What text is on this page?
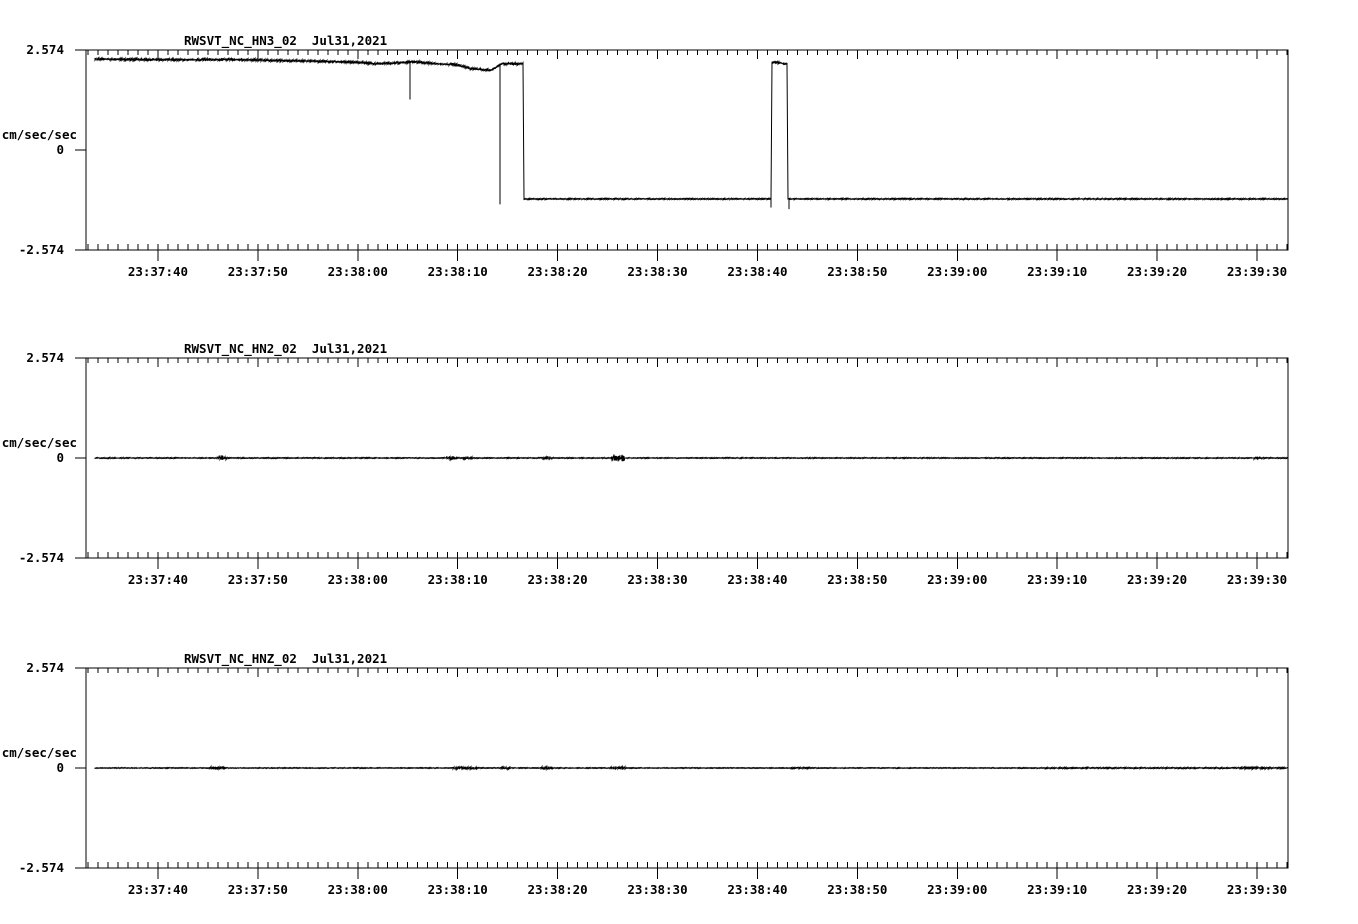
RWSVT_NC_HN3_02 Jul31,2021
RWSVT_NC_HN2_02 Jul31,2021
RWSVT_NC_HNZ_02 Jul31,2021
cm/sec/sec
cm/sec/sec
cm/sec/sec
23:37:40	23:37:50	23:38:00	23:38:10	23:38:20	23:38:30	23:38:40	23:38:50	23:39:00	23:39:10	23:39:20	23:39:30
2.574
0
-2.574
23:37:40	23:37:50	23:38:00	23:38:10	23:38:20	23:38:30	23:38:40	23:38:50	23:39:00	23:39:10	23:39:20	23:39:30
2.574
0
-2.574
23:37:40	23:37:50	23:38:00	23:38:10	23:38:20	23:38:30	23:38:40	23:38:50	23:39:00	23:39:10	23:39:20	23:39:30
2.574
0
-2.574
